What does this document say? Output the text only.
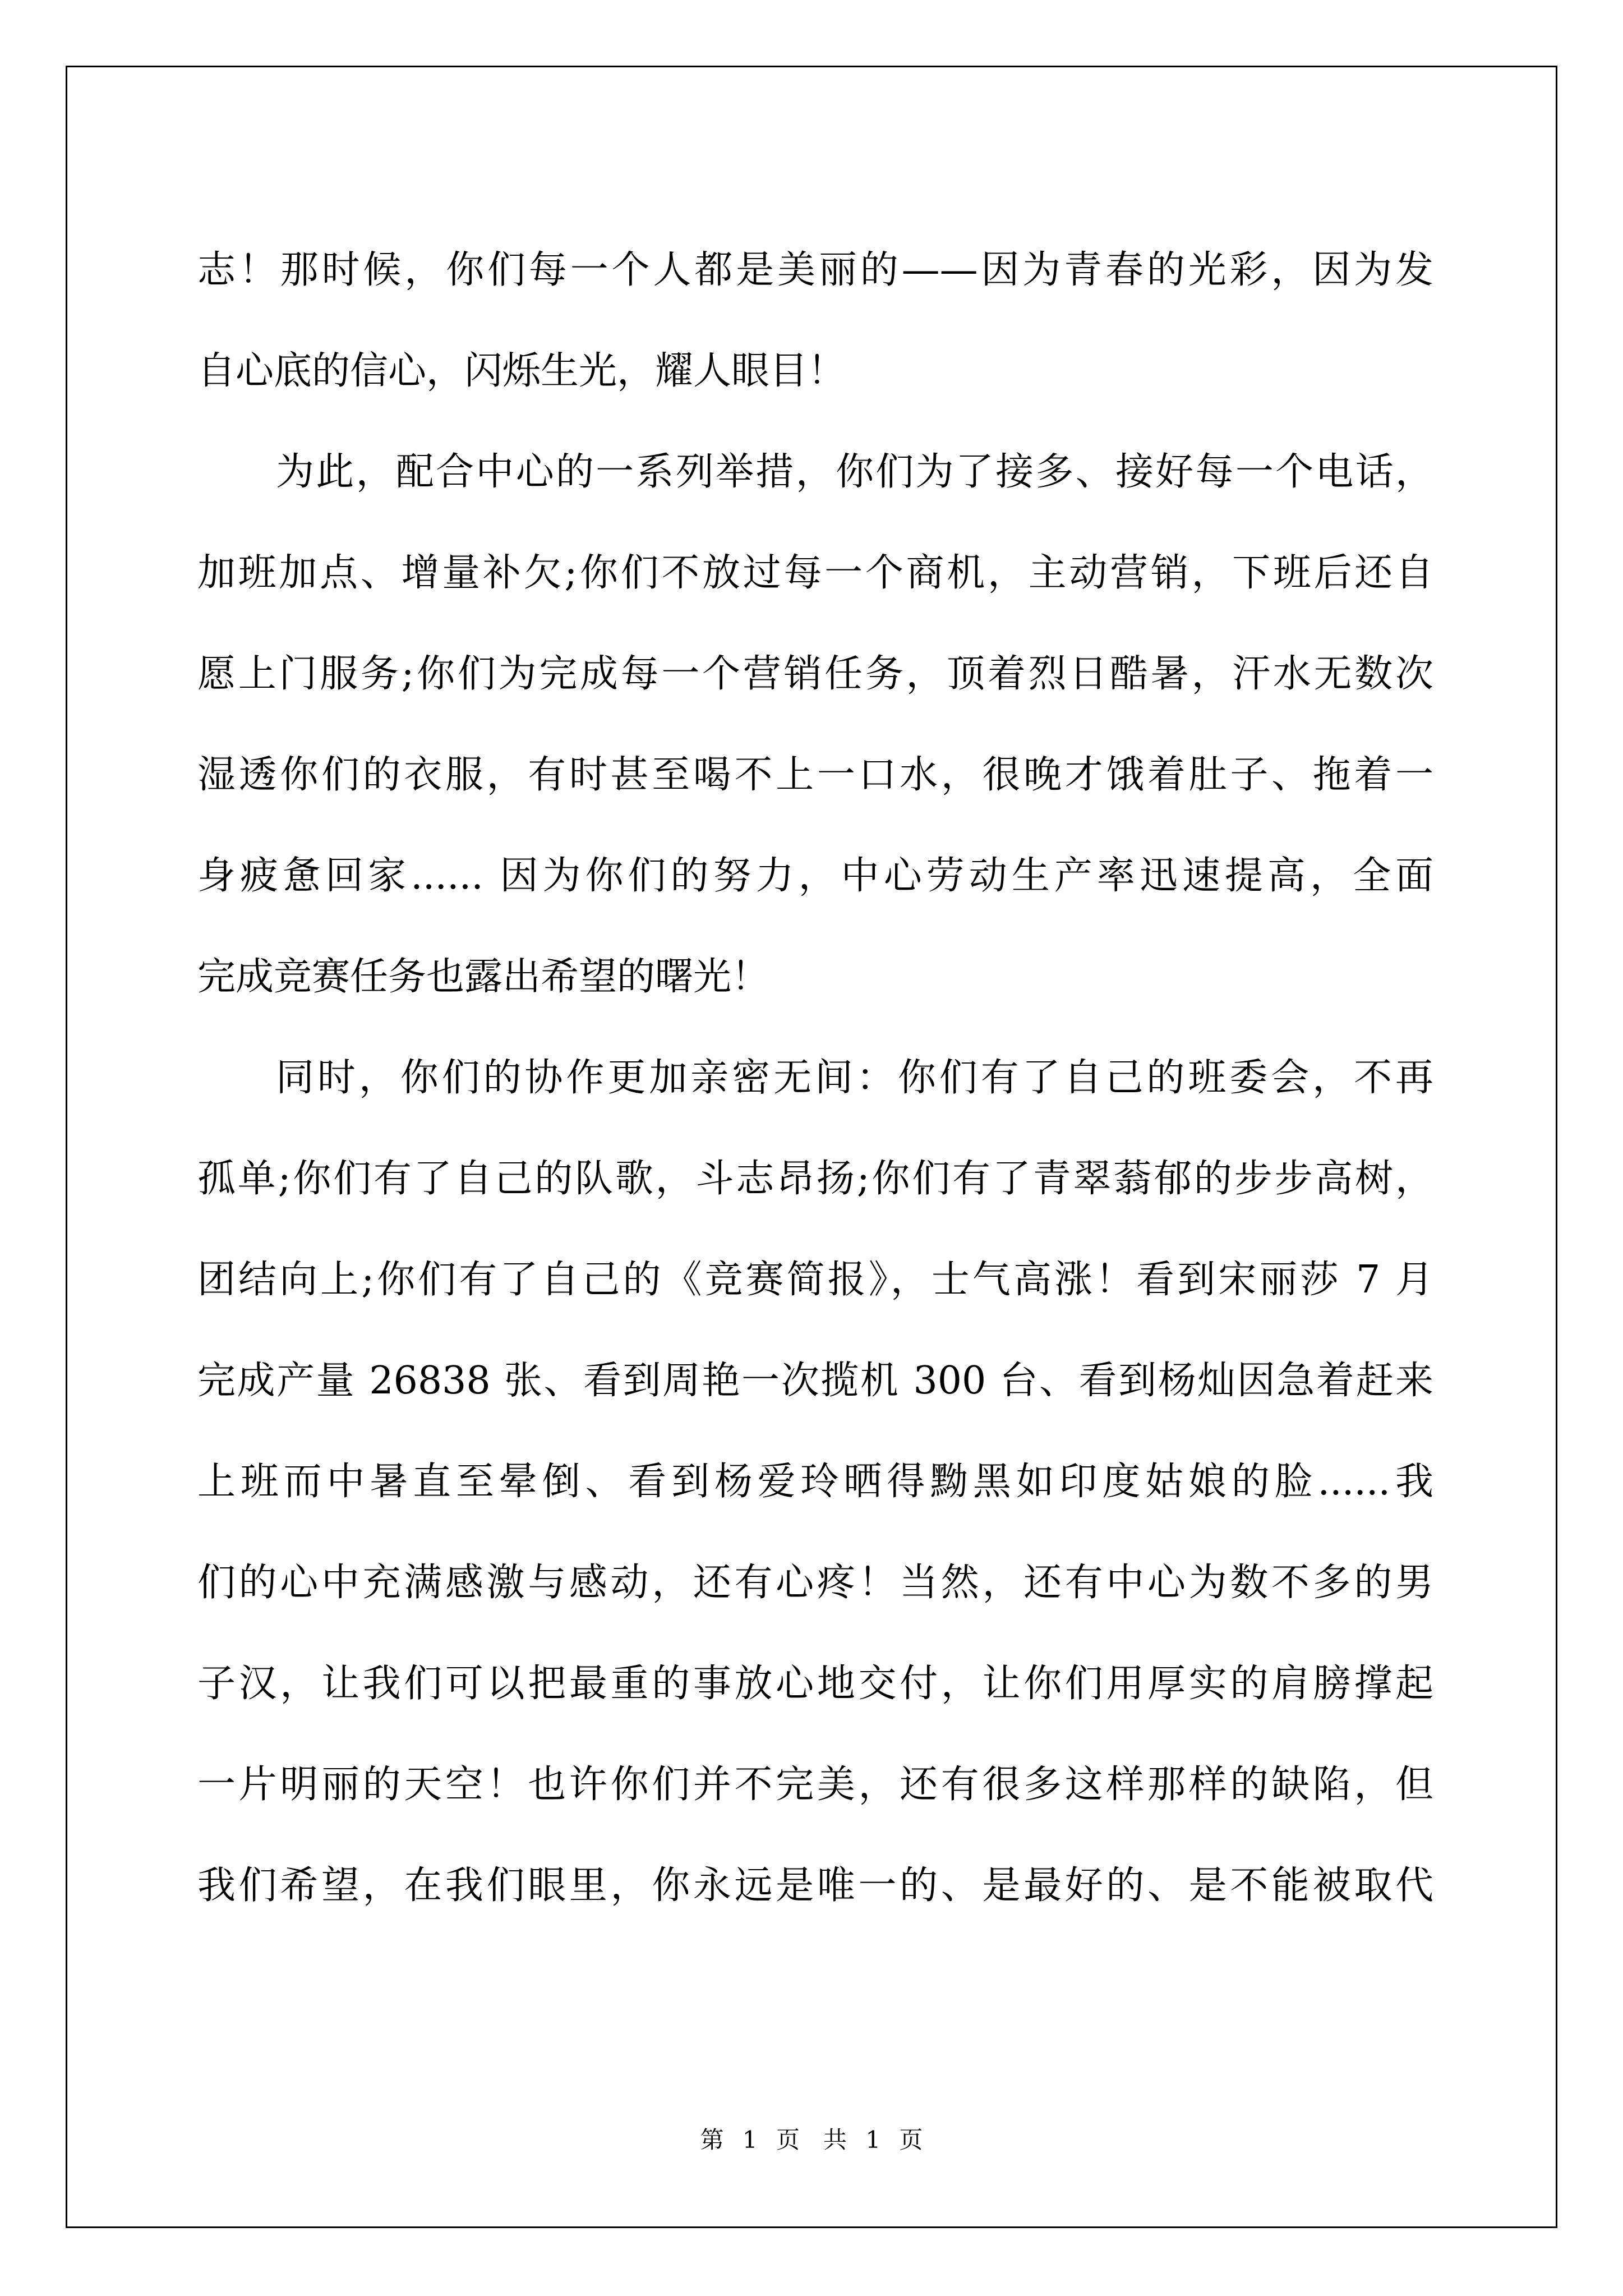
志！那时候，你们每一个人都是美丽的——因为青春的光彩，因为发
自心底的信心，闪烁生光，耀人眼目！
为此，配合中心的一系列举措，你们为了接多、接好每一个电话，
加班加点、增量补欠;你们不放过每一个商机，主动营销，下班后还自
愿上门服务;你们为完成每一个营销任务，顶着烈日酷暑，汗水无数次
湿透你们的衣服，有时甚至喝不上一口水，很晚才饿着肚子、拖着一
身疲惫回家...... 因为你们的努力，中心劳动生产率迅速提高，全面
完成竞赛任务也露出希望的曙光！
同时，你们的协作更加亲密无间：你们有了自己的班委会，不再
孤单;你们有了自己的队歌，斗志昂扬;你们有了青翠蓊郁的步步高树，
团结向上;你们有了自己的《竞赛简报》，士气高涨！看到宋丽莎 7 月
完成产量 26838 张、看到周艳一次揽机 300 台、看到杨灿因急着赶来
上班而中暑直至晕倒、看到杨爱玲晒得黝黑如印度姑娘的脸......我
们的心中充满感激与感动，还有心疼！当然，还有中心为数不多的男
子汉，让我们可以把最重的事放心地交付，让你们用厚实的肩膀撑起
一片明丽的天空！也许你们并不完美，还有很多这样那样的缺陷，但
我们希望，在我们眼里，你永远是唯一的、是最好的、是不能被取代
第 1 页　共 1 页
